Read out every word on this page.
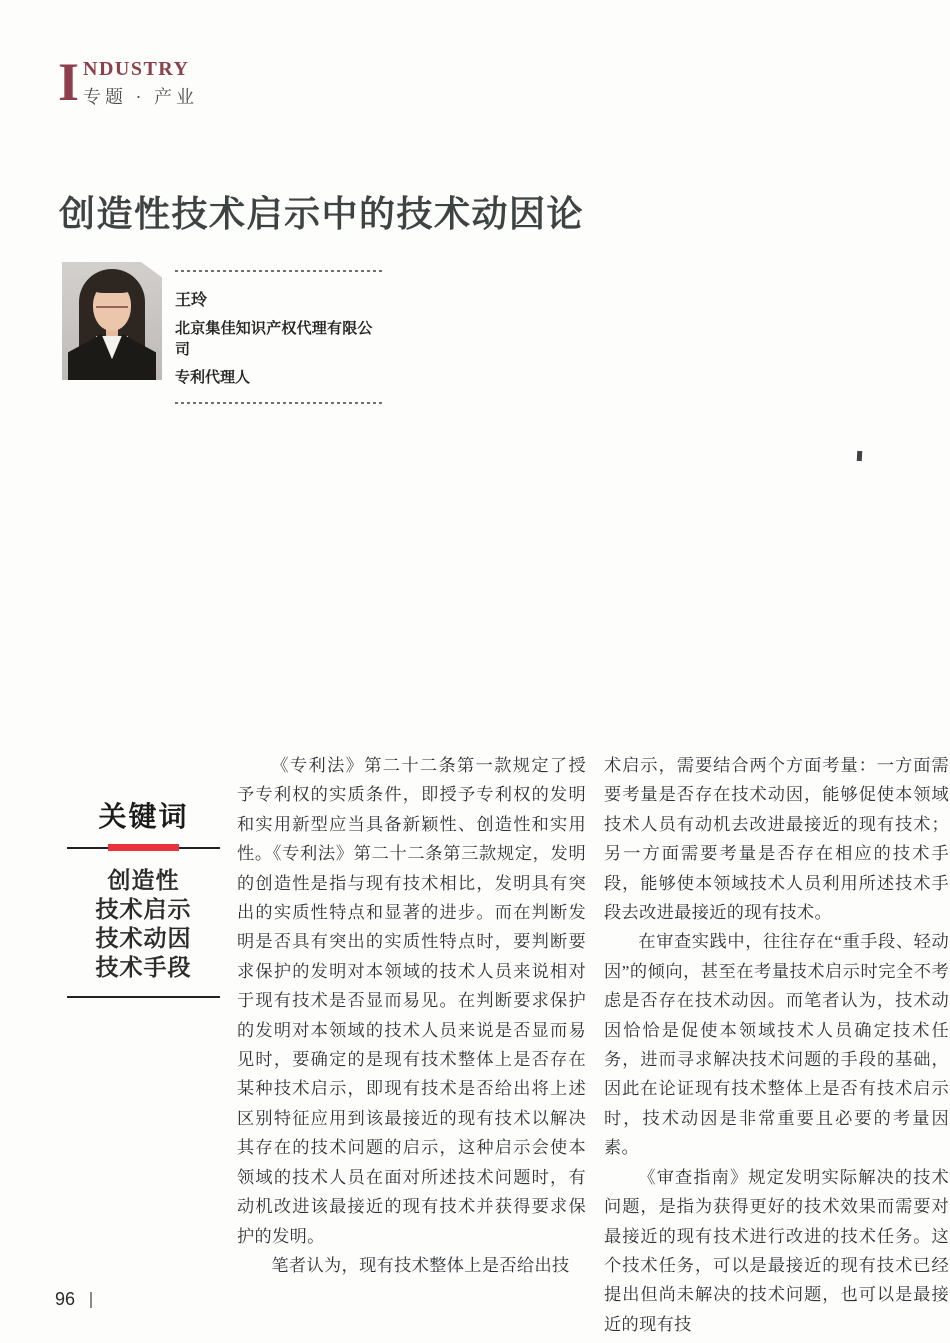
I NDUSTRY
专题 · 产业
创造性技术启示中的技术动因论
王玲
北京集佳知识产权代理有限公司
专利代理人
关键词
创造性
技术启示
技术动因
技术手段

《专利法》第二十二条第一款规定了授予专利权的实质条件，即授予专利权的发明和实用新型应当具备新颖性、创造性和实用性。《专利法》第二十二条第三款规定，发明的创造性是指与现有技术相比，发明具有突出的实质性特点和显著的进步。而在判断发明是否具有突出的实质性特点时，要判断要求保护的发明对本领域的技术人员来说相对于现有技术是否显而易见。在判断要求保护的发明对本领域的技术人员来说是否显而易见时，要确定的是现有技术整体上是否存在某种技术启示，即现有技术是否给出将上述区别特征应用到该最接近的现有技术以解决其存在的技术问题的启示，这种启示会使本领域的技术人员在面对所述技术问题时，有动机改进该最接近的现有技术并获得要求保护的发明。

笔者认为，现有技术整体上是否给出技

术启示，需要结合两个方面考量：一方面需要考量是否存在技术动因，能够促使本领域技术人员有动机去改进最接近的现有技术；另一方面需要考量是否存在相应的技术手段，能够使本领域技术人员利用所述技术手段去改进最接近的现有技术。

在审查实践中，往往存在“重手段、轻动因”的倾向，甚至在考量技术启示时完全不考虑是否存在技术动因。而笔者认为，技术动因恰恰是促使本领域技术人员确定技术任务，进而寻求解决技术问题的手段的基础，因此在论证现有技术整体上是否有技术启示时，技术动因是非常重要且必要的考量因素。

《审查指南》规定发明实际解决的技术问题，是指为获得更好的技术效果而需要对最接近的现有技术进行改进的技术任务。这个技术任务，可以是最接近的现有技术已经提出但尚未解决的技术问题，也可以是最接近的现有技

96
